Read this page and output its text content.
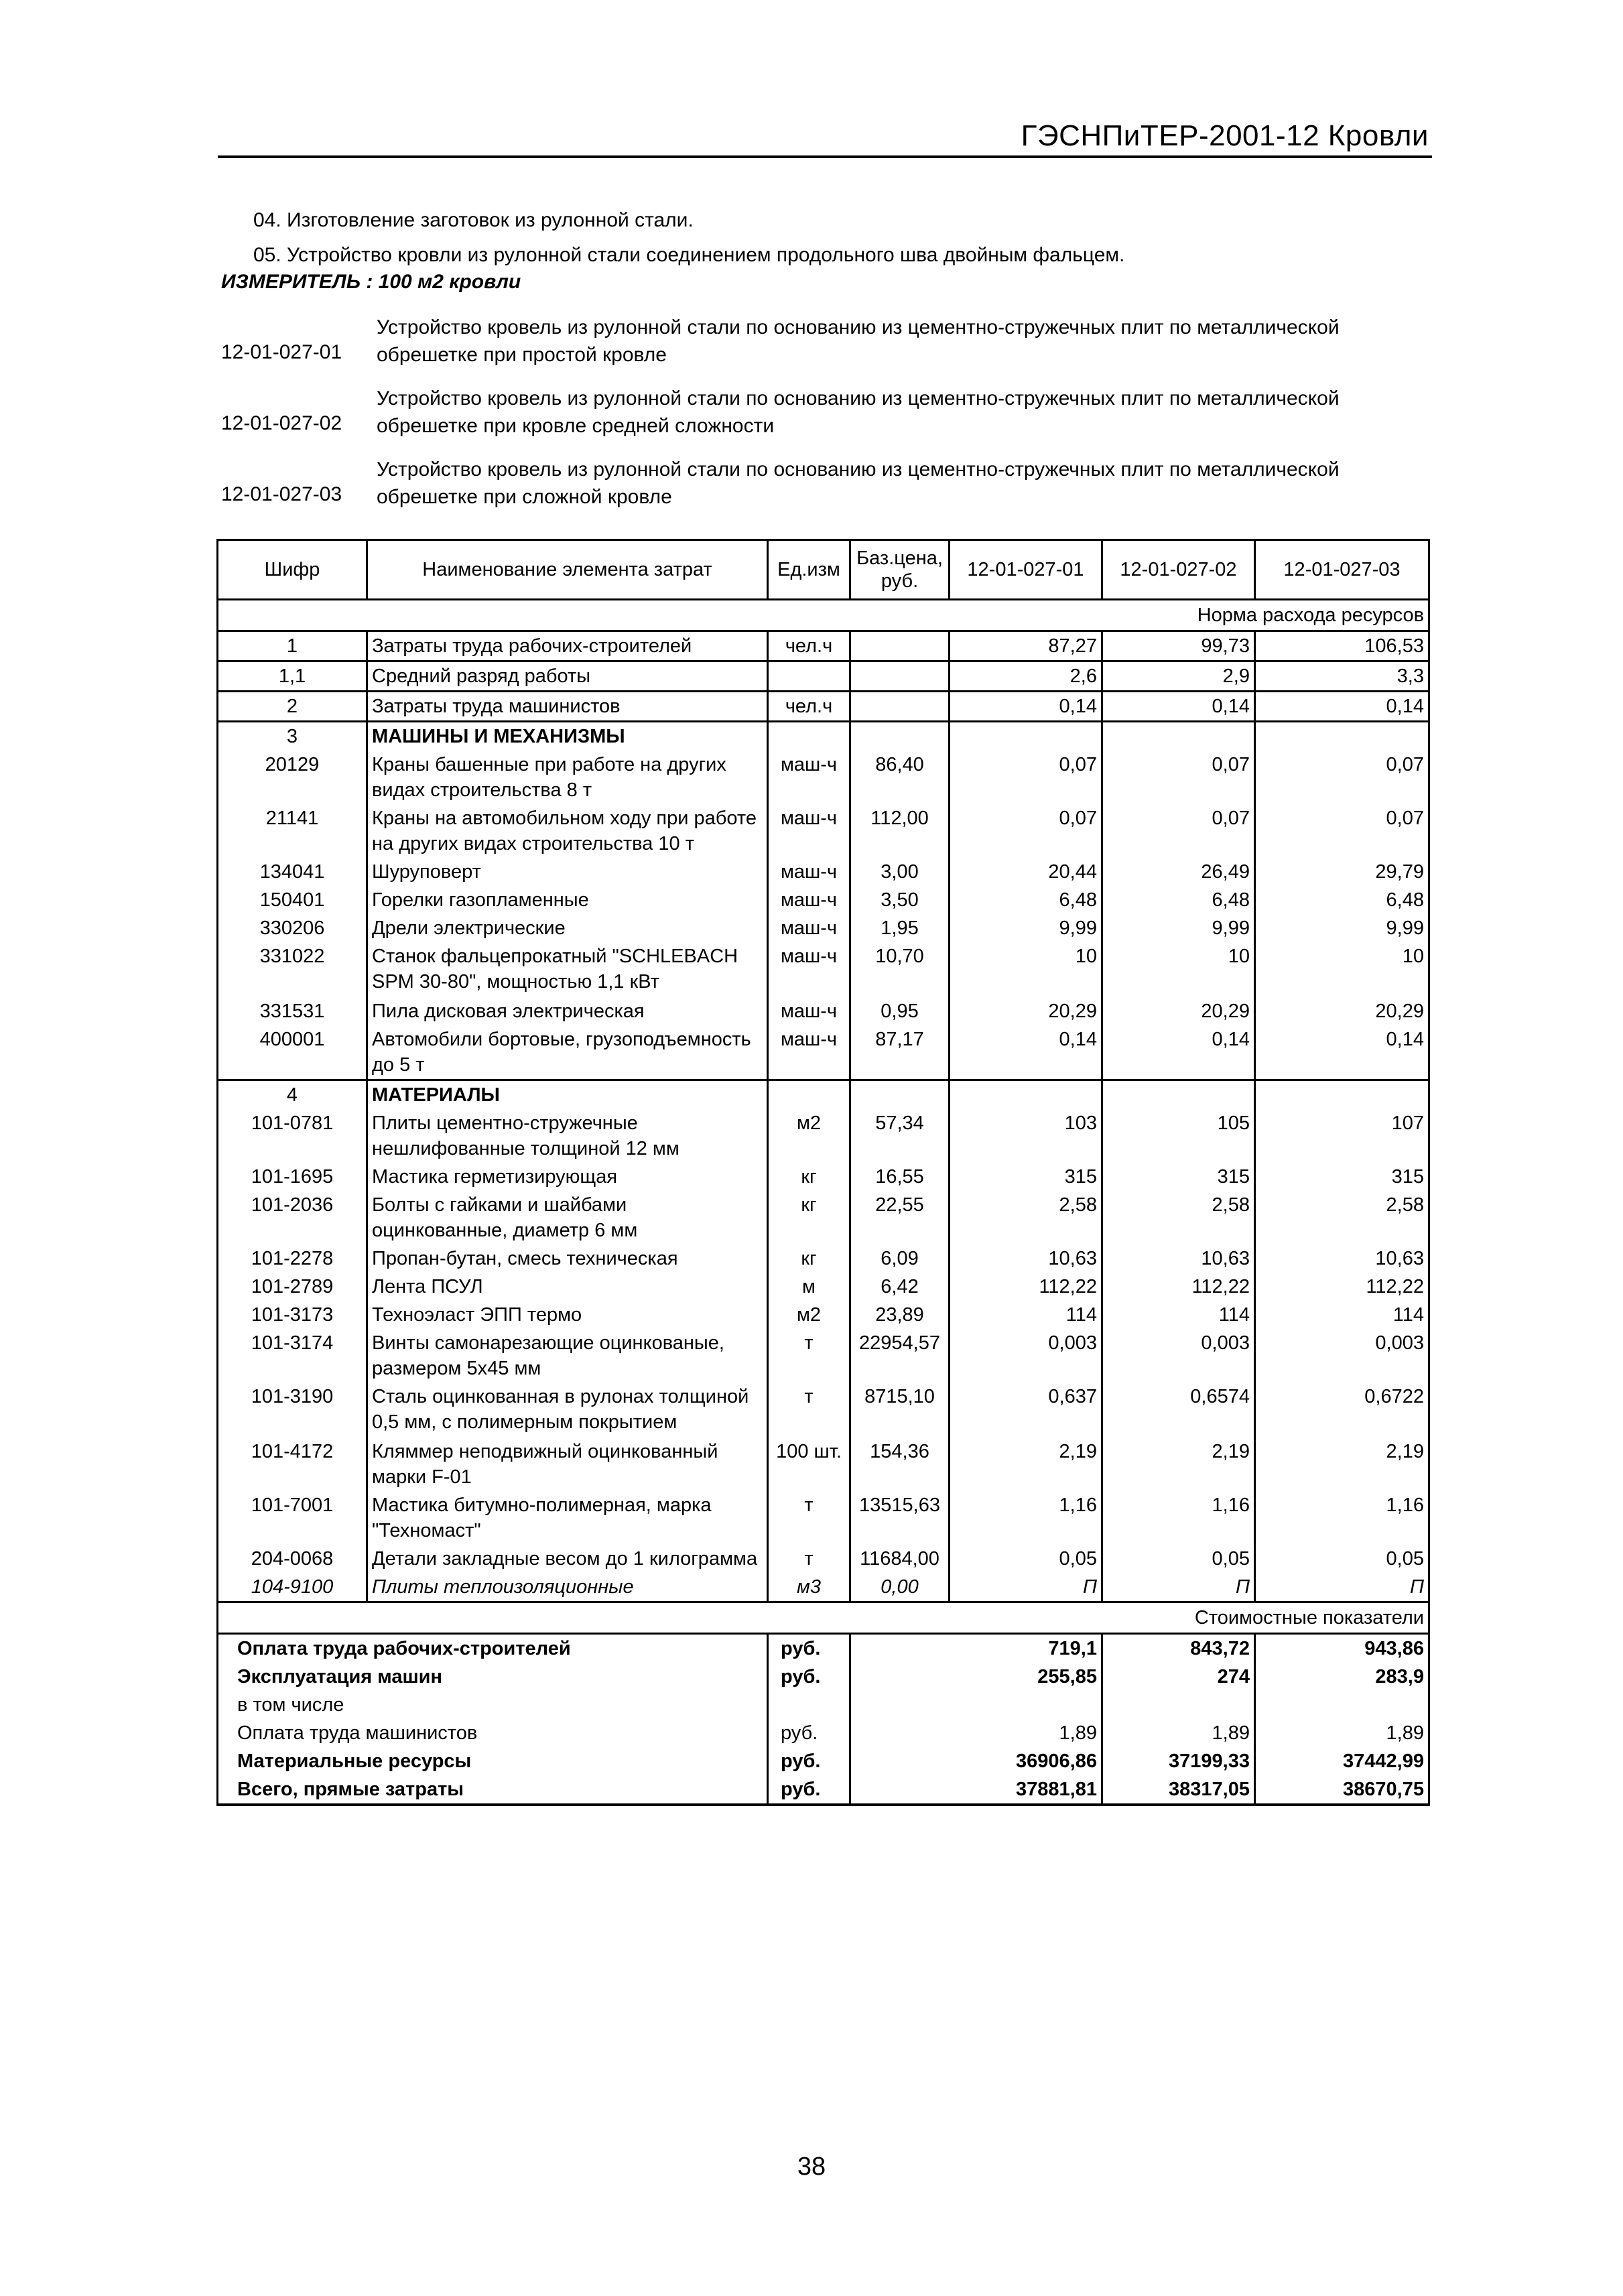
ГЭСНПиТЕР-2001-12 Кровли
04. Изготовление заготовок из рулонной стали.
05. Устройство кровли из рулонной стали соединением продольного шва двойным фальцем.
ИЗМЕРИТЕЛЬ : 100 м2 кровли
12-01-027-01
Устройство кровель из рулонной стали по основанию из цементно-стружечных плит по металлической обрешетке при простой кровле
12-01-027-02
Устройство кровель из рулонной стали по основанию из цементно-стружечных плит по металлической обрешетке при кровле средней сложности
12-01-027-03
Устройство кровель из рулонной стали по основанию из цементно-стружечных плит по металлической обрешетке при сложной кровле
Шифр	Наименование элемента затрат	Ед.изм	Баз.цена, руб.	12-01-027-01	12-01-027-02	12-01-027-03
Норма расхода ресурсов						
1	Затраты труда рабочих-строителей	чел.ч		87,27	99,73	106,53
1,1	Средний разряд работы			2,6	2,9	3,3
2	Затраты труда машинистов	чел.ч		0,14	0,14	0,14
3	МАШИНЫ И МЕХАНИЗМЫ					
20129	Краны башенные при работе на других видах строительства 8 т	маш-ч	86,40	0,07	0,07	0,07
21141	Краны на автомобильном ходу при работе на других видах строительства 10 т	маш-ч	112,00	0,07	0,07	0,07
134041	Шуруповерт	маш-ч	3,00	20,44	26,49	29,79
150401	Горелки газопламенные	маш-ч	3,50	6,48	6,48	6,48
330206	Дрели электрические	маш-ч	1,95	9,99	9,99	9,99
331022	Станок фальцепрокатный "SCHLEBACH SPM 30-80", мощностью 1,1 кВт	маш-ч	10,70	10	10	10
331531	Пила дисковая электрическая	маш-ч	0,95	20,29	20,29	20,29
400001	Автомобили бортовые, грузоподъемность до 5 т	маш-ч	87,17	0,14	0,14	0,14
4	МАТЕРИАЛЫ					
101-0781	Плиты цементно-стружечные нешлифованные толщиной 12 мм	м2	57,34	103	105	107
101-1695	Мастика герметизирующая	кг	16,55	315	315	315
101-2036	Болты с гайками и шайбами оцинкованные, диаметр 6 мм	кг	22,55	2,58	2,58	2,58
101-2278	Пропан-бутан, смесь техническая	кг	6,09	10,63	10,63	10,63
101-2789	Лента ПСУЛ	м	6,42	112,22	112,22	112,22
101-3173	Техноэласт ЭПП термо	м2	23,89	114	114	114
101-3174	Винты самонарезающие оцинкованые, размером 5х45 мм	т	22954,57	0,003	0,003	0,003
101-3190	Сталь оцинкованная в рулонах толщиной 0,5 мм, с полимерным покрытием	т	8715,10	0,637	0,6574	0,6722
101-4172	Кляммер неподвижный оцинкованный марки F-01	100 шт.	154,36	2,19	2,19	2,19
101-7001	Мастика битумно-полимерная, марка "Техномаст"	т	13515,63	1,16	1,16	1,16
204-0068	Детали закладные весом до 1 килограмма	т	11684,00	0,05	0,05	0,05
104-9100	Плиты теплоизоляционные	м3	0,00	П	П	П
Стоимостные показатели						
Оплата труда рабочих-строителей		руб.		719,1	843,72	943,86
Эксплуатация машин		руб.		255,85	274	283,9
в том числе						
Оплата труда машинистов		руб.		1,89	1,89	1,89
Материальные ресурсы		руб.		36906,86	37199,33	37442,99
Всего, прямые затраты		руб.		37881,81	38317,05	38670,75
38
